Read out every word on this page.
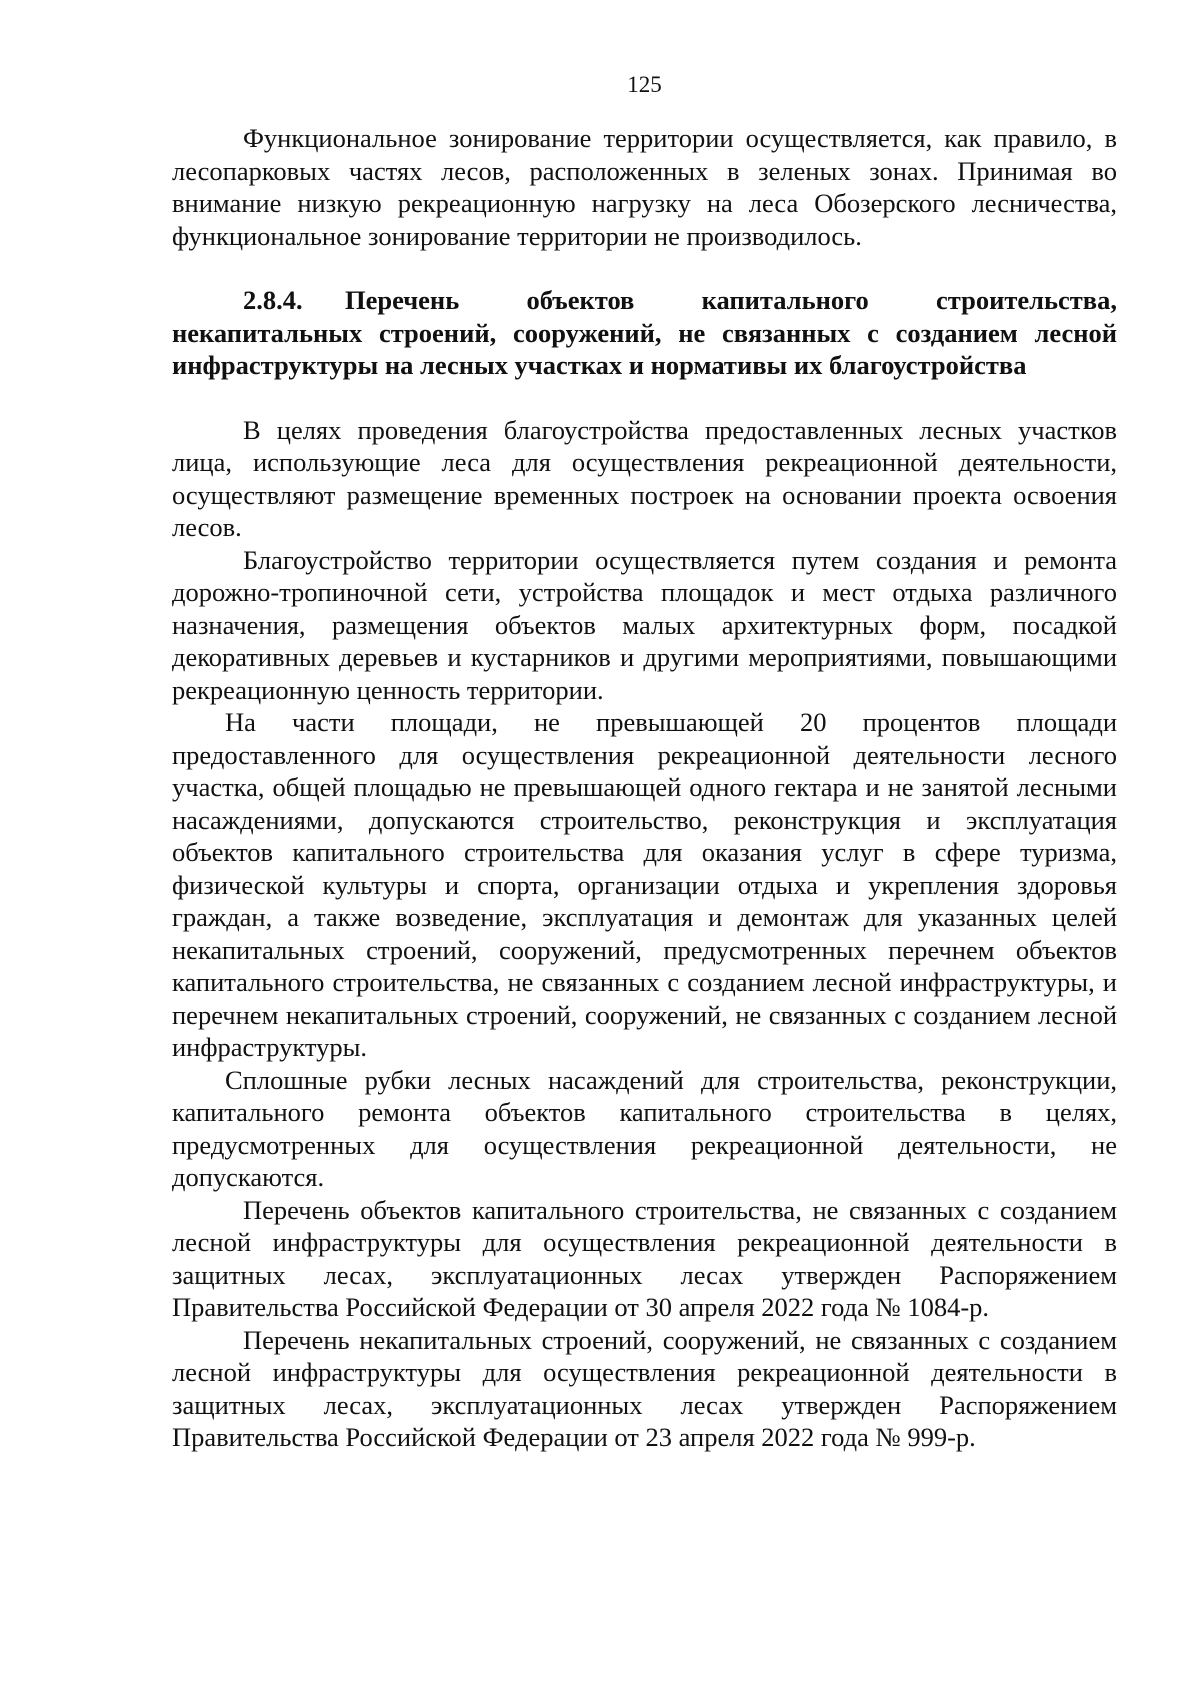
125

Функциональное зонирование территории осуществляется, как правило, в лесопарковых частях лесов, расположенных в зеленых зонах. Принимая во внимание низкую рекреационную нагрузку на леса Обозерского лесничества, функциональное зонирование территории не производилось.

2.8.4. Перечень объектов капитального строительства, некапитальных строений, сооружений, не связанных с созданием лесной инфраструктуры на лесных участках и нормативы их благоустройства

В целях проведения благоустройства предоставленных лесных участков лица, использующие леса для осуществления рекреационной деятельности, осуществляют размещение временных построек на основании проекта освоения лесов.

Благоустройство территории осуществляется путем создания и ремонта дорожно-тропиночной сети, устройства площадок и мест отдыха различного назначения, размещения объектов малых архитектурных форм, посадкой декоративных деревьев и кустарников и другими мероприятиями, повышающими рекреационную ценность территории.

На части площади, не превышающей 20 процентов площади предоставленного для осуществления рекреационной деятельности лесного участка, общей площадью не превышающей одного гектара и не занятой лесными насаждениями, допускаются строительство, реконструкция и эксплуатация объектов капитального строительства для оказания услуг в сфере туризма, физической культуры и спорта, организации отдыха и укрепления здоровья граждан, а также возведение, эксплуатация и демонтаж для указанных целей некапитальных строений, сооружений, предусмотренных перечнем объектов капитального строительства, не связанных с созданием лесной инфраструктуры, и перечнем некапитальных строений, сооружений, не связанных с созданием лесной инфраструктуры.

Сплошные рубки лесных насаждений для строительства, реконструкции, капитального ремонта объектов капитального строительства в целях, предусмотренных для осуществления рекреационной деятельности, не допускаются.

Перечень объектов капитального строительства, не связанных с созданием лесной инфраструктуры для осуществления рекреационной деятельности в защитных лесах, эксплуатационных лесах утвержден Распоряжением Правительства Российской Федерации от 30 апреля 2022 года № 1084-р.

Перечень некапитальных строений, сооружений, не связанных с созданием лесной инфраструктуры для осуществления рекреационной деятельности в защитных лесах, эксплуатационных лесах утвержден Распоряжением Правительства Российской Федерации от 23 апреля 2022 года № 999-р.
